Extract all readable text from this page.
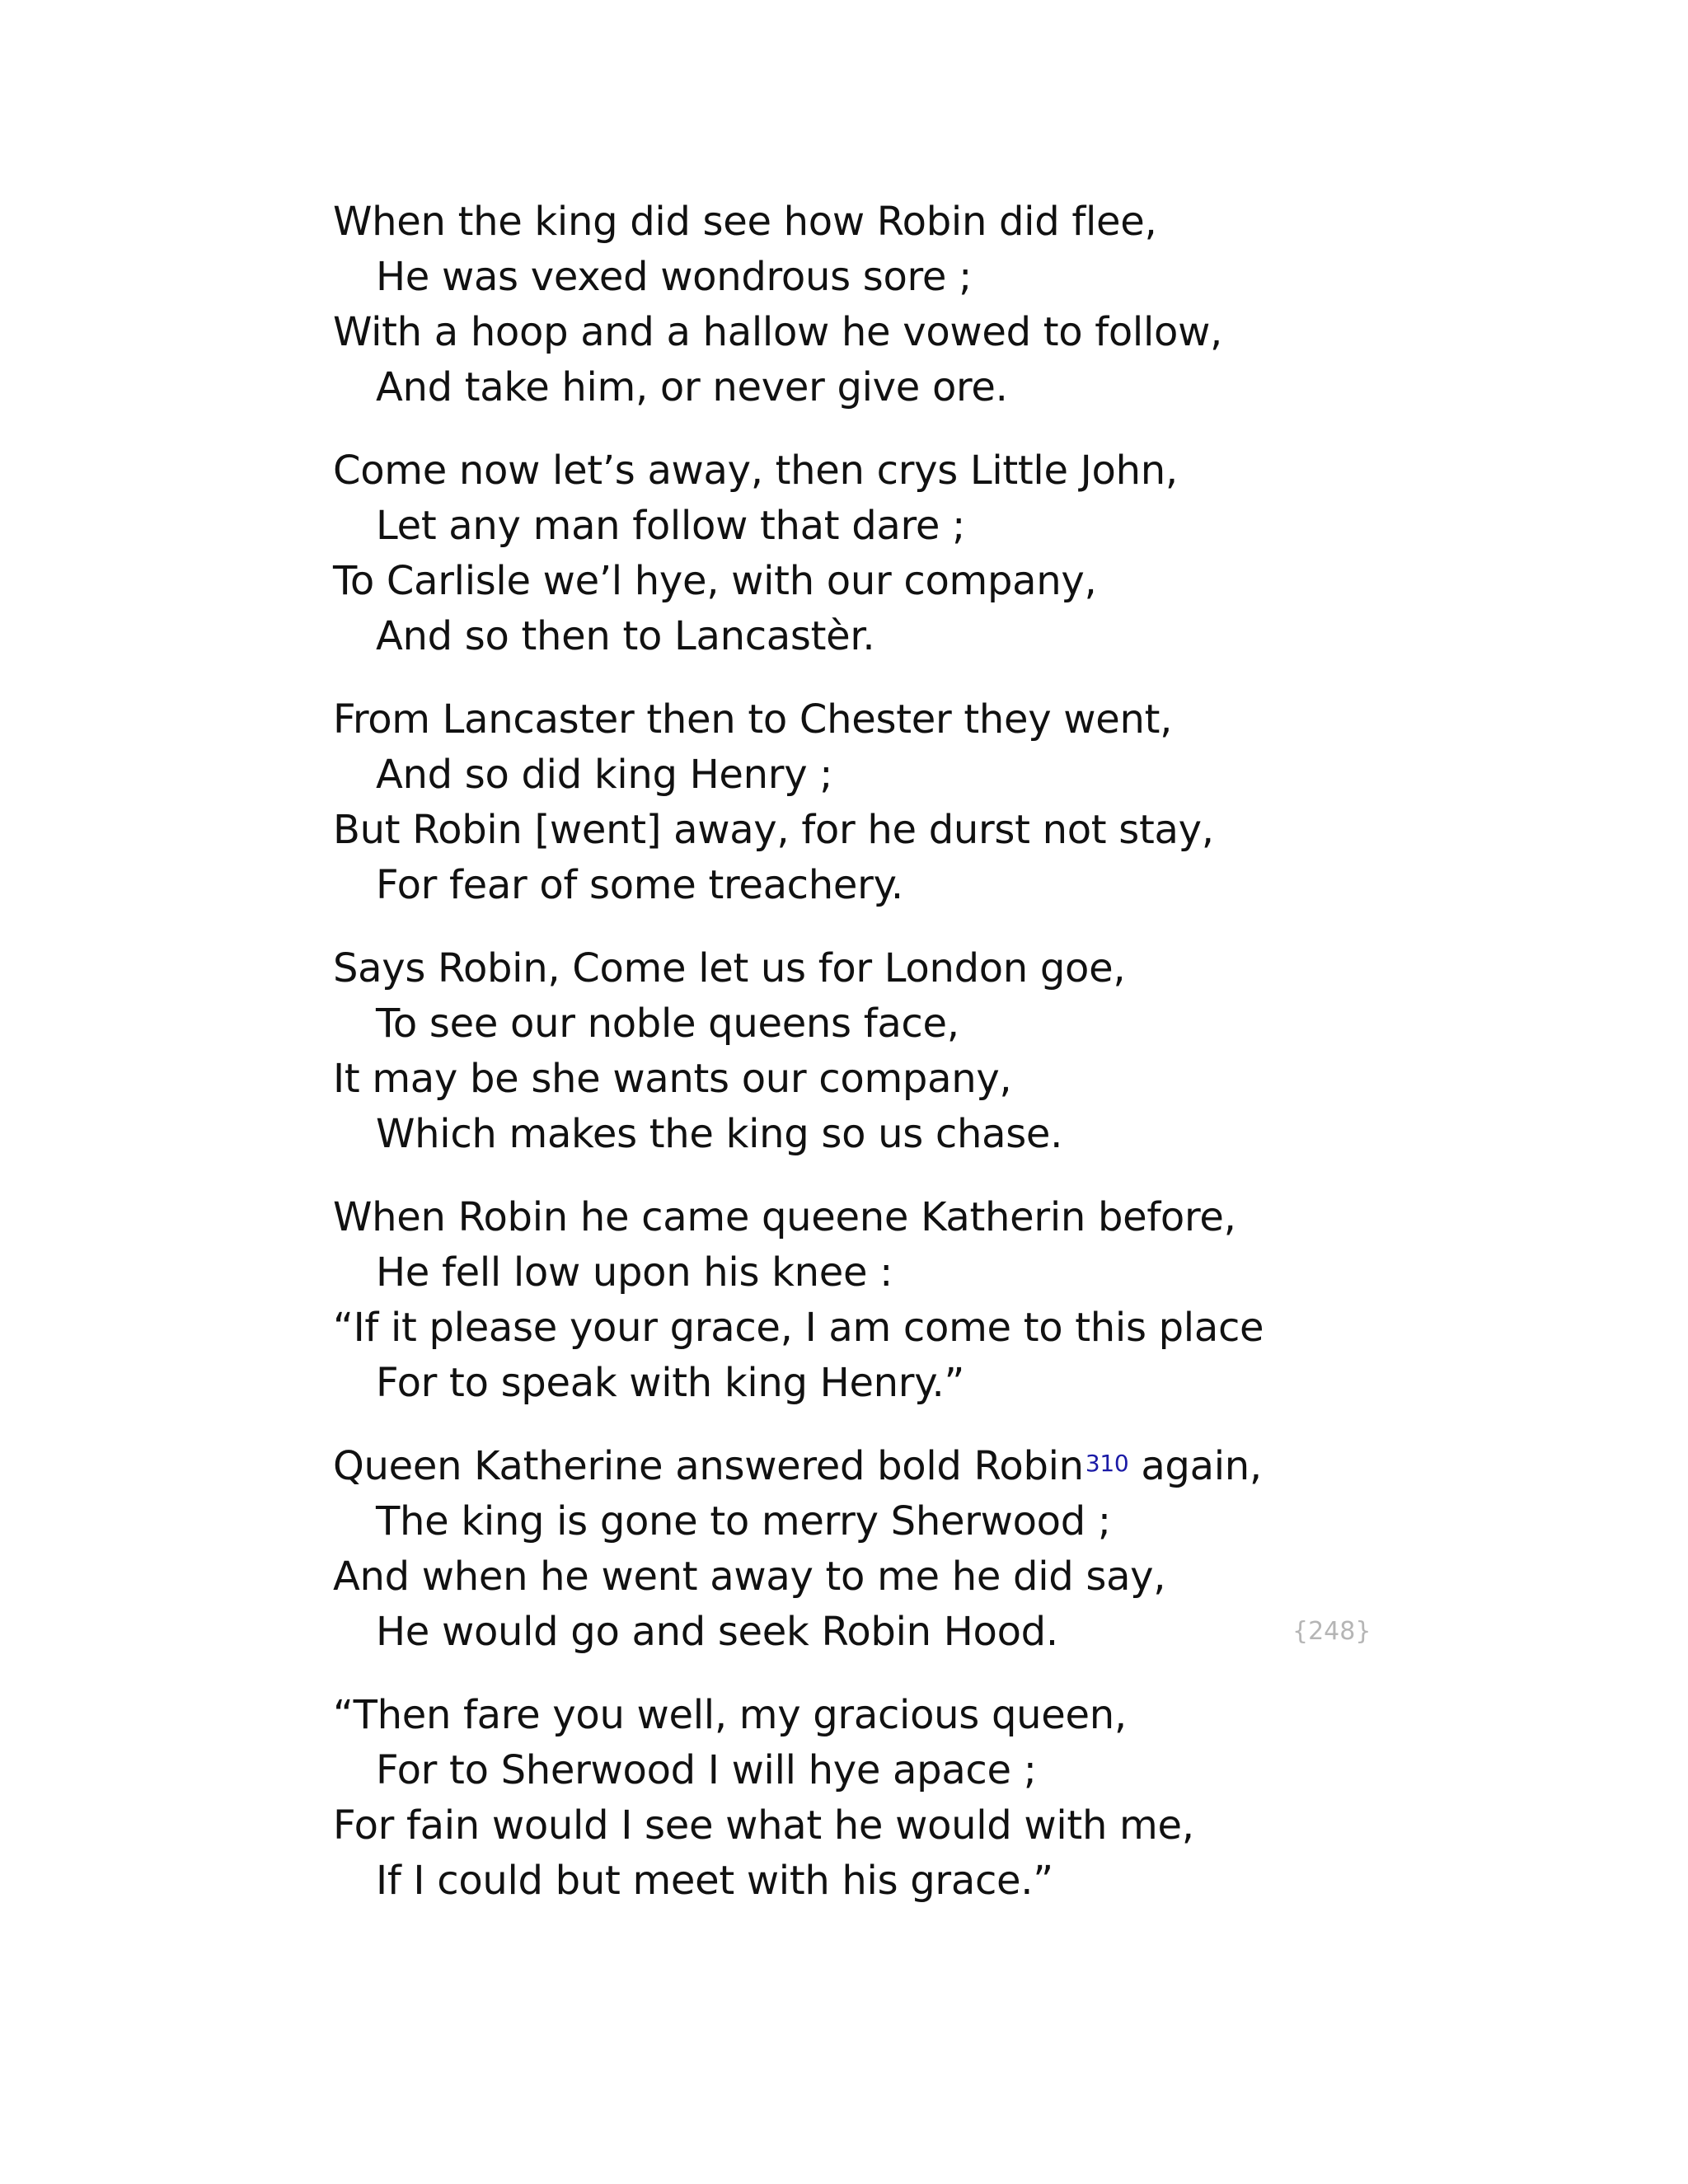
When the king did see how Robin did flee,
He was vexed wondrous sore ;
With a hoop and a hallow he vowed to follow,
And take him, or never give ore.
Come now let’s away, then crys Little John,
Let any man follow that dare ;
To Carlisle we’l hye, with our company,
And so then to Lancastèr.
From Lancaster then to Chester they went,
And so did king Henry ;
But Robin [went] away, for he durst not stay,
For fear of some treachery.
Says Robin, Come let us for London goe,
To see our noble queens face,
It may be she wants our company,
Which makes the king so us chase.
When Robin he came queene Katherin before,
He fell low upon his knee :
“If it please your grace, I am come to this place
For to speak with king Henry.”
Queen Katherine answered bold Robin$^{310}$ again,
The king is gone to merry Sherwood ;
And when he went away to me he did say,
He would go and seek Robin Hood.
“Then fare you well, my gracious queen,
For to Sherwood I will hye apace ;
For fain would I see what he would with me,
If I could but meet with his grace.”
{248}
